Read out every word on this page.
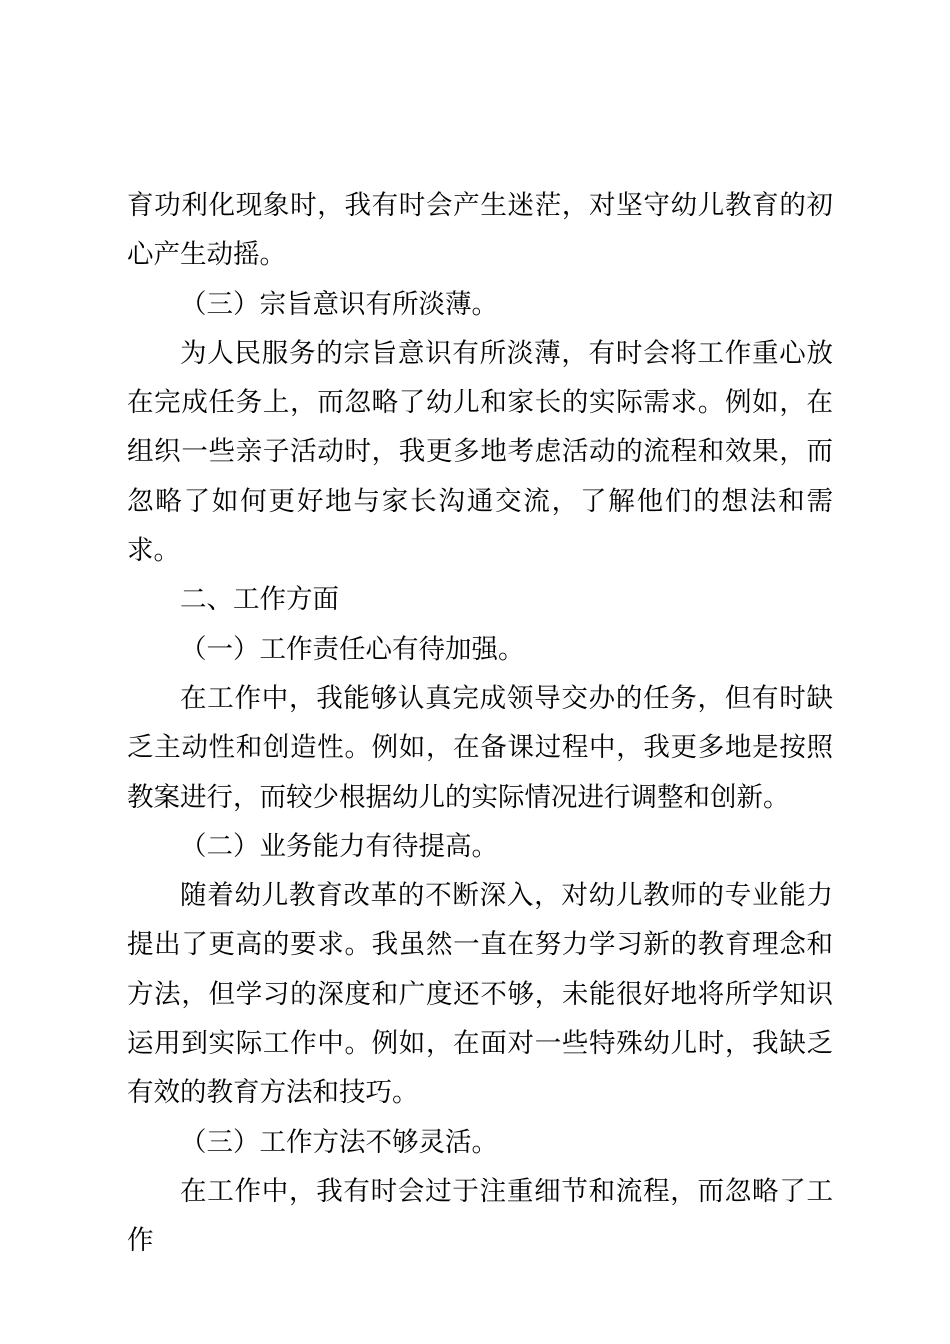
育功利化现象时，我有时会产生迷茫，对坚守幼儿教育的初心产生动摇。

（三）宗旨意识有所淡薄。

为人民服务的宗旨意识有所淡薄，有时会将工作重心放在完成任务上，而忽略了幼儿和家长的实际需求。例如，在组织一些亲子活动时，我更多地考虑活动的流程和效果，而忽略了如何更好地与家长沟通交流，了解他们的想法和需求。

二、工作方面

（一）工作责任心有待加强。

在工作中，我能够认真完成领导交办的任务，但有时缺乏主动性和创造性。例如，在备课过程中，我更多地是按照教案进行，而较少根据幼儿的实际情况进行调整和创新。

（二）业务能力有待提高。

随着幼儿教育改革的不断深入，对幼儿教师的专业能力提出了更高的要求。我虽然一直在努力学习新的教育理念和方法，但学习的深度和广度还不够，未能很好地将所学知识运用到实际工作中。例如，在面对一些特殊幼儿时，我缺乏有效的教育方法和技巧。

（三）工作方法不够灵活。

在工作中，我有时会过于注重细节和流程，而忽略了工作
